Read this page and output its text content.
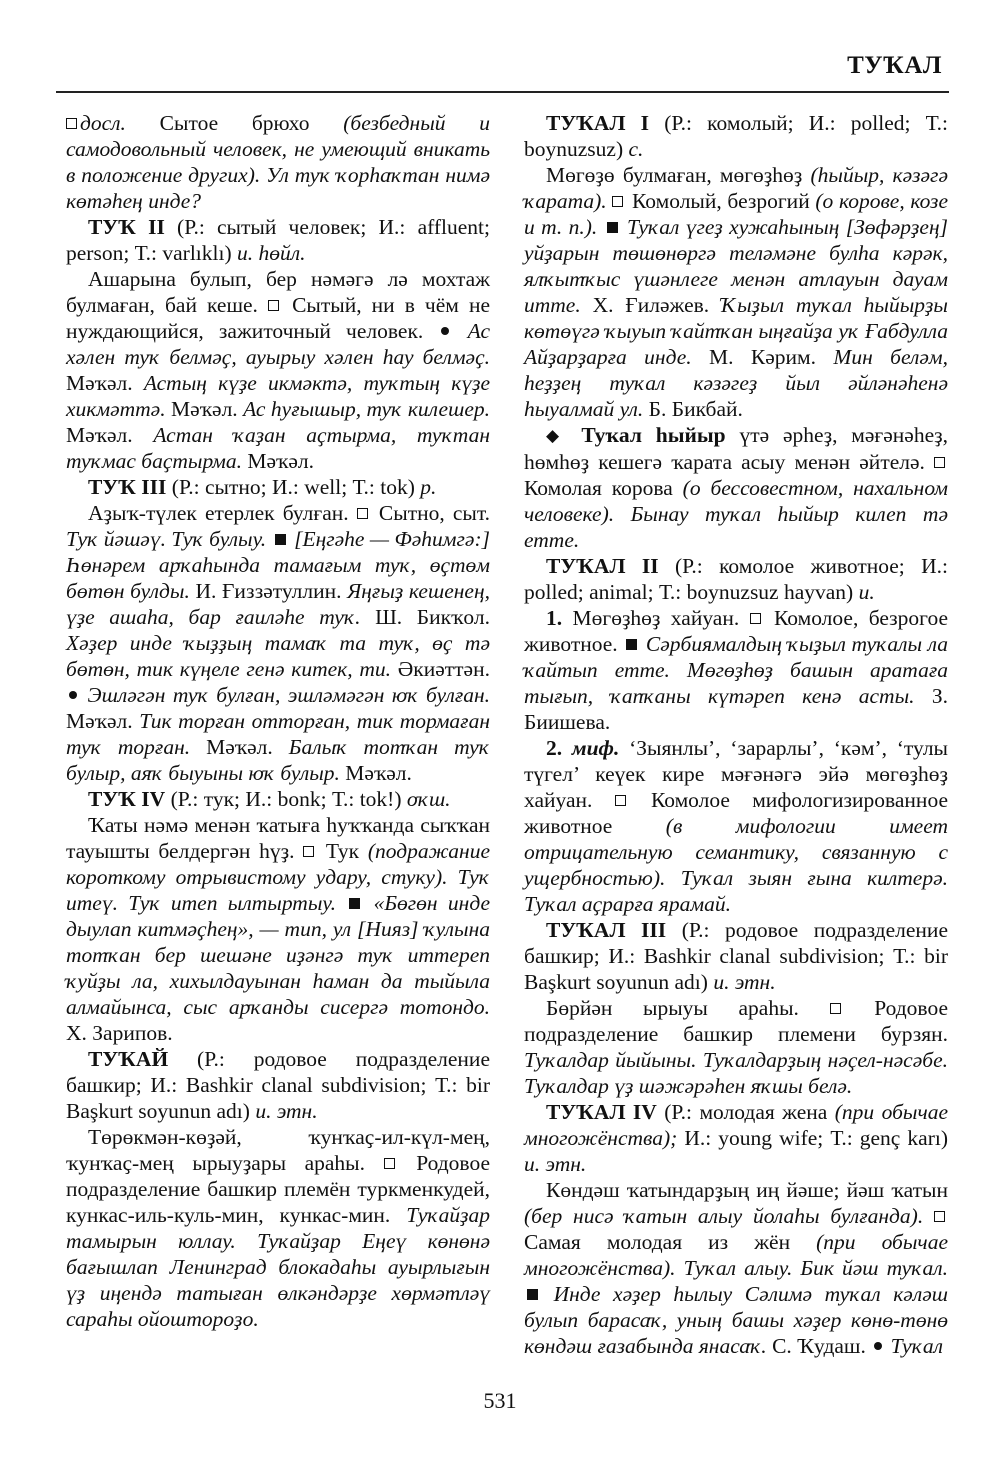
ТУҠАЛ

досл. Сытое брюхо (безбедный и самодовольный человек, не умеющий вникать в положение других). Ул туҡ ҡорһаҡтан нимә көтәһең инде?

ТУҠ II (Р.: сытый человек; И.: affluent; person; Т.: varlıklı) и. һөйл.

Ашарына булып, бер нәмәгә лә мохтаж булмаған, бай кеше.  Сытый, ни в чём не нуждающийся, зажиточный человек.  Ас хәлен туҡ белмәҫ, ауырыу хәлен һау белмәҫ. Мәҡәл. Астың күҙе икмәктә, туҡтың күҙе хикмәттә. Мәҡәл. Ас һуғышыр, туҡ килешер. Мәҡәл. Астан ҡаҙан аҫтырма, туҡтан туҡмас баҫтырма. Мәҡәл.

ТУҠ III (Р.: сытно; И.: well; Т.: tok) р.

Аҙыҡ-түлек етерлек булған.  Сытно, сыт. Туҡ йәшәү. Туҡ булыу.  [Еңгәһе — Фәһимгә:] Һөнәрем арҡаһында тамағым туҡ, өҫтөм бөтөн булды. И. Ғиззәтуллин. Яңғыҙ кешенең, үҙе ашаһа, бар ғаиләһе туҡ. Ш. Бикҡол. Хәҙер инде ҡыҙҙың тамаҡ та туҡ, өҫ тә бөтөн, тик күңеле генә китек, ти. Әкиәттән.  Эшләгән туҡ булған, эшләмәгән юҡ булған. Мәҡәл. Тик торған отторған, тик тормаған туҡ торған. Мәҡәл. Балыҡ тотҡан туҡ булыр, аяҡ быуыны юҡ булыр. Мәҡәл.

ТУҠ IV (Р.: тук; И.: bonk; Т.: tok!) оҡш.

Ҡаты нәмә менән ҡатыға һуҡҡанда сыҡҡан тауышты белдергән һүҙ.  Тук (подражание короткому отрывистому удару, стуку). Туҡ итеү. Туҡ итеп ылтыртыу.  «Бөгөн инде дыулап китмәҫһең», — тип, ул [Нияз] ҡулына тотҡан бер шешәне иҙәнгә туҡ иттереп ҡуйҙы ла, хихылдауынан һаман да тыйыла алмайынса, сыс арҡанды сисергә тотондо. Х. Зарипов.

ТУҠАЙ (Р.: родовое подразделение башкир; И.: Bashkir clanal subdivision; Т.: bir Başkurt soyunun adı) и. этн.

Төрөкмән-көҙәй, ҡунҡаҫ-ил-күл-мең, ҡунҡаҫ-мең ырыуҙары араһы.  Родовое подразделение башкир племён туркменкудей, кункас-иль-куль-мин, кункас-мин. Туҡайҙар тамырын юллау. Туҡайҙар Еңеү көнөнә бағышлап Ленинград блокадаһы ауырлығын үҙ иңендә татыған өлкәндәрҙе хөрмәтләү сараһы ойоштороҙо.

ТУҠАЛ I (Р.: комолый; И.: polled; Т.: boynuzsuz) с.

Мөгөҙө булмаған, мөгөҙһөҙ (һыйыр, кәзәгә ҡарата).  Комолый, безрогий (о корове, козе и т. п.).  Туҡал үгеҙ хужаһының [Зөфәрҙең] уйҙарын төшөнөргә теләмәне булһа кәрәк, ялҡытҡыс үшәнлеге менән атлауын дауам итте. Х. Ғиләжев. Ҡыҙыл туҡал һыйырҙы көтөүгә ҡыуып ҡайтҡан ыңғайҙа уҡ Ғабдулла Айҙарҙарға инде. М. Кәрим. Мин беләм, һеҙҙең туҡал кәзәгеҙ йыл әйләнәһенә һыуалмай ул. Б. Бикбай.

◆ Туҡал һыйыр үтә әрһеҙ, мәғәнәһеҙ, һөмһөҙ кешегә ҡарата асыу менән әйтелә.  Комолая корова (о бессовестном, нахальном человеке). Бынау туҡал һыйыр килеп тә етте.

ТУҠАЛ II (Р.: комолое животное; И.: polled; animal; Т.: boynuzsuz hayvan) и.

1. Мөгөҙһөҙ хайуан.  Комолое, безрогое животное.  Сәрбиямалдың ҡыҙыл туҡалы ла ҡайтып етте. Мөгөҙһөҙ башын аратаға тығып, ҡапҡаны күтәреп кенә асты. З. Биишева.

2. миф. ‘Зыянлы’, ‘зарарлы’, ‘кәм’, ‘тулы түгел’ кеүек кире мәғәнәгә эйә мөгөҙһөҙ хайуан.  Комолое мифологизированное животное (в мифологии имеет отрицательную семантику, связанную с ущербностью). Туҡал зыян ғына килтерә. Туҡал аҫрарға ярамай.

ТУҠАЛ III (Р.: родовое подразделение башкир; И.: Bashkir clanal subdivision; Т.: bir Başkurt soyunun adı) и. этн.

Бөрйән ырыуы араһы.  Родовое подразделение башкир племени бурзян. Туҡалдар йыйыны. Туҡалдарҙың нәҫел-нәсәбе. Туҡалдар үҙ шәжәрәһен яҡшы белә.

ТУҠАЛ IV (Р.: молодая жена (при обычае многожёнства); И.: young wife; Т.: genç karı) и. этн.

Көндәш ҡатындарҙың иң йәше; йәш ҡатын (бер нисә ҡатын алыу йолаһы булғанда).  Самая молодая из жён (при обычае многожёнства). Туҡал алыу. Бик йәш туҡал.  Инде хәҙер һылыу Сәлимә туҡал кәләш булып барасаҡ, уның башы хәҙер көнө-төнө көндәш ғазабында янасаҡ. С. Ҡудаш.  Туҡал

531
